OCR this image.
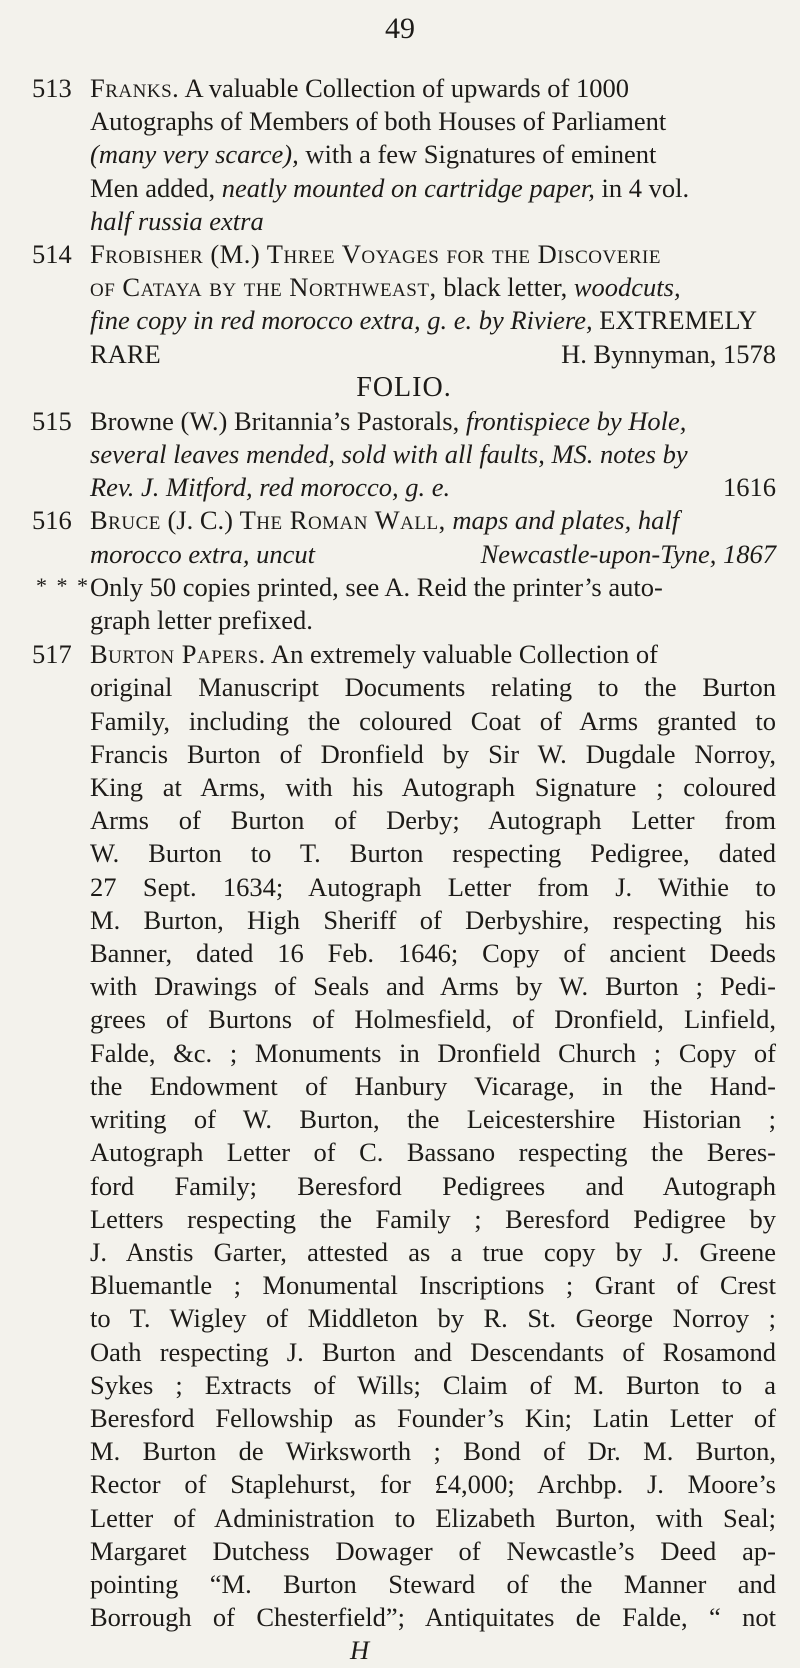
49
513 Franks. A valuable Collection of upwards of 1000
Autographs of Members of both Houses of Parliament
(many very scarce), with a few Signatures of eminent
Men added, neatly mounted on cartridge paper, in 4 vol.
half russia extra
514 Frobisher (M.) Three Voyages for the Discoverie
of Cataya by the Northweast, black letter, woodcuts,
fine copy in red morocco extra, g. e. by Riviere, EXTREMELY
RARE	H. Bynnyman, 1578
FOLIO.
515 Browne (W.) Britannia’s Pastorals, frontispiece by Hole,
several leaves mended, sold with all faults, MS. notes by
Rev. J. Mitford, red morocco, g. e.	1616
516 Bruce (J. C.) The Roman Wall, maps and plates, half
morocco extra, uncut	Newcastle-upon-Tyne, 1867
* * * Only 50 copies printed, see A. Reid the printer’s auto-
graph letter prefixed.
517 Burton Papers. An extremely valuable Collection of
original Manuscript Documents relating to the Burton
Family, including the coloured Coat of Arms granted to
Francis Burton of Dronfield by Sir W. Dugdale Norroy,
King at Arms, with his Autograph Signature ; coloured
Arms of Burton of Derby; Autograph Letter from
W. Burton to T. Burton respecting Pedigree, dated
27 Sept. 1634; Autograph Letter from J. Withie to
M. Burton, High Sheriff of Derbyshire, respecting his
Banner, dated 16 Feb. 1646; Copy of ancient Deeds
with Drawings of Seals and Arms by W. Burton ; Pedi-
grees of Burtons of Holmesfield, of Dronfield, Linfield,
Falde, &c. ; Monuments in Dronfield Church ; Copy of
the Endowment of Hanbury Vicarage, in the Hand-
writing of W. Burton, the Leicestershire Historian ;
Autograph Letter of C. Bassano respecting the Beres-
ford Family; Beresford Pedigrees and Autograph
Letters respecting the Family ; Beresford Pedigree by
J. Anstis Garter, attested as a true copy by J. Greene
Bluemantle ; Monumental Inscriptions ; Grant of Crest
to T. Wigley of Middleton by R. St. George Norroy ;
Oath respecting J. Burton and Descendants of Rosamond
Sykes ; Extracts of Wills; Claim of M. Burton to a
Beresford Fellowship as Founder’s Kin; Latin Letter of
M. Burton de Wirksworth ; Bond of Dr. M. Burton,
Rector of Staplehurst, for £4,000; Archbp. J. Moore’s
Letter of Administration to Elizabeth Burton, with Seal;
Margaret Dutchess Dowager of Newcastle’s Deed ap-
pointing “M. Burton Steward of the Manner and
Borrough of Chesterfield”; Antiquitates de Falde, “ not
H
